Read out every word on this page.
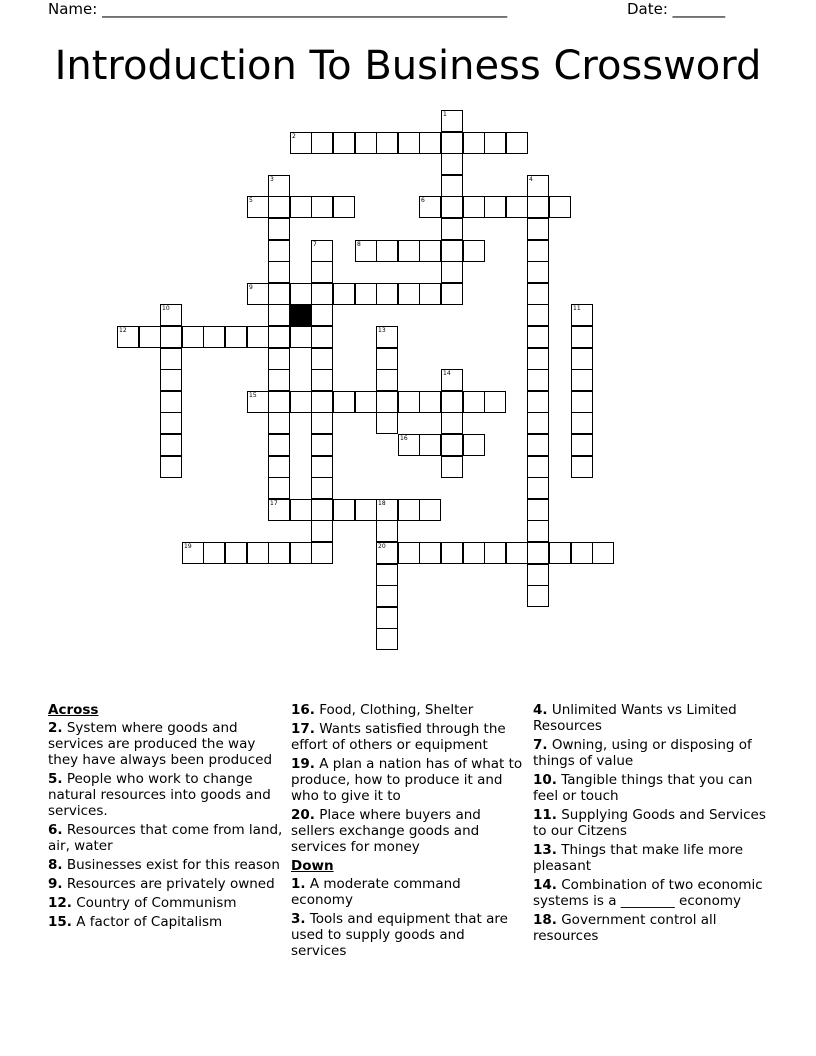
Name: ______________________________________________________	Date: _______
Introduction To Business Crossword
2
5	6
8
9
12
15
16
17	18
19	20
1
3	4
7
10	11
13
14
Across
2. System where goods and services are produced the way they have always been produced
5. People who work to change natural resources into goods and services.
6. Resources that come from land, air, water
8. Businesses exist for this reason
9. Resources are privately owned
12. Country of Communism
15. A factor of Capitalism
16. Food, Clothing, Shelter
17. Wants satisfied through the effort of others or equipment
19. A plan a nation has of what to produce, how to produce it and who to give it to
20. Place where buyers and sellers exchange goods and services for money
Down
1. A moderate command economy
3. Tools and equipment that are used to supply goods and services
4. Unlimited Wants vs Limited Resources
7. Owning, using or disposing of things of value
10. Tangible things that you can feel or touch
11. Supplying Goods and Services to our Citzens
13. Things that make life more pleasant
14. Combination of two economic systems is a ________ economy
18. Government control all resources
